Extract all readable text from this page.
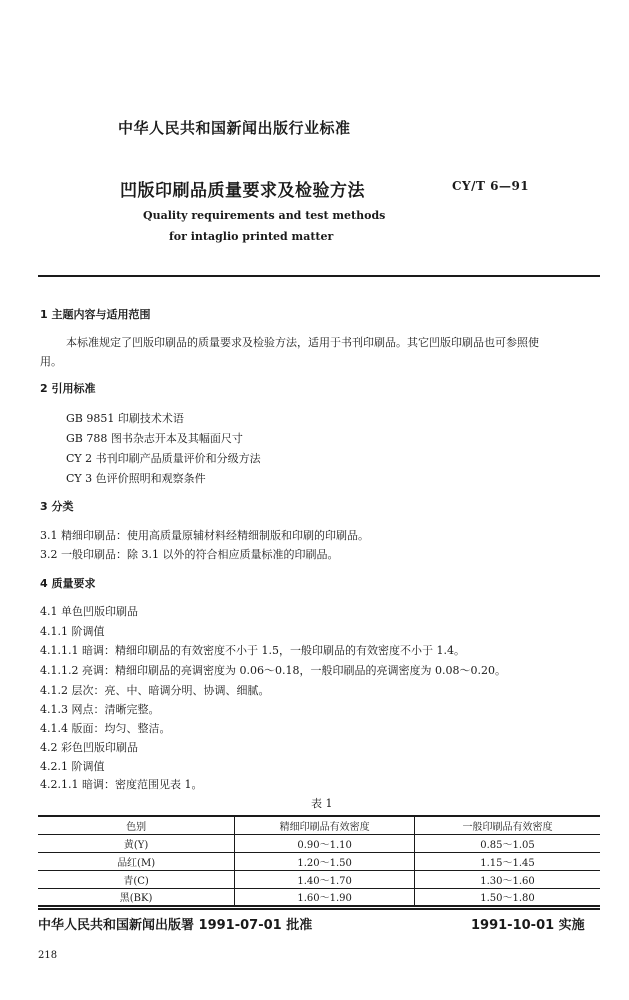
中华人民共和国新闻出版行业标准
凹版印刷品质量要求及检验方法	CY/T 6—91
Quality requirements and test methods
for intaglio printed matter
1 主题内容与适用范围
本标准规定了凹版印刷品的质量要求及检验方法，适用于书刊印刷品。其它凹版印刷品也可参照使
用。
2 引用标准
GB 9851 印刷技术术语
GB 788 图书杂志开本及其幅面尺寸
CY 2 书刊印刷产品质量评价和分级方法
CY 3 色评价照明和观察条件
3 分类
3.1 精细印刷品：使用高质量原辅材料经精细制版和印刷的印刷品。
3.2 一般印刷品：除 3.1 以外的符合相应质量标准的印刷品。
4 质量要求
4.1 单色凹版印刷品
4.1.1 阶调值
4.1.1.1 暗调：精细印刷品的有效密度不小于 1.5，一般印刷品的有效密度不小于 1.4。
4.1.1.2 亮调：精细印刷品的亮调密度为 0.06～0.18，一般印刷品的亮调密度为 0.08～0.20。
4.1.2 层次：亮、中、暗调分明、协调、细腻。
4.1.3 网点：清晰完整。
4.1.4 版面：均匀、整洁。
4.2 彩色凹版印刷品
4.2.1 阶调值
4.2.1.1 暗调：密度范围见表 1。
表 1
色别	精细印刷品有效密度	一般印刷品有效密度
黄(Y)	0.90～1.10	0.85～1.05
品红(M)	1.20～1.50	1.15～1.45
青(C)	1.40～1.70	1.30～1.60
黑(BK)	1.60～1.90	1.50～1.80
中华人民共和国新闻出版署 1991-07-01 批准	1991-10-01 实施
218
